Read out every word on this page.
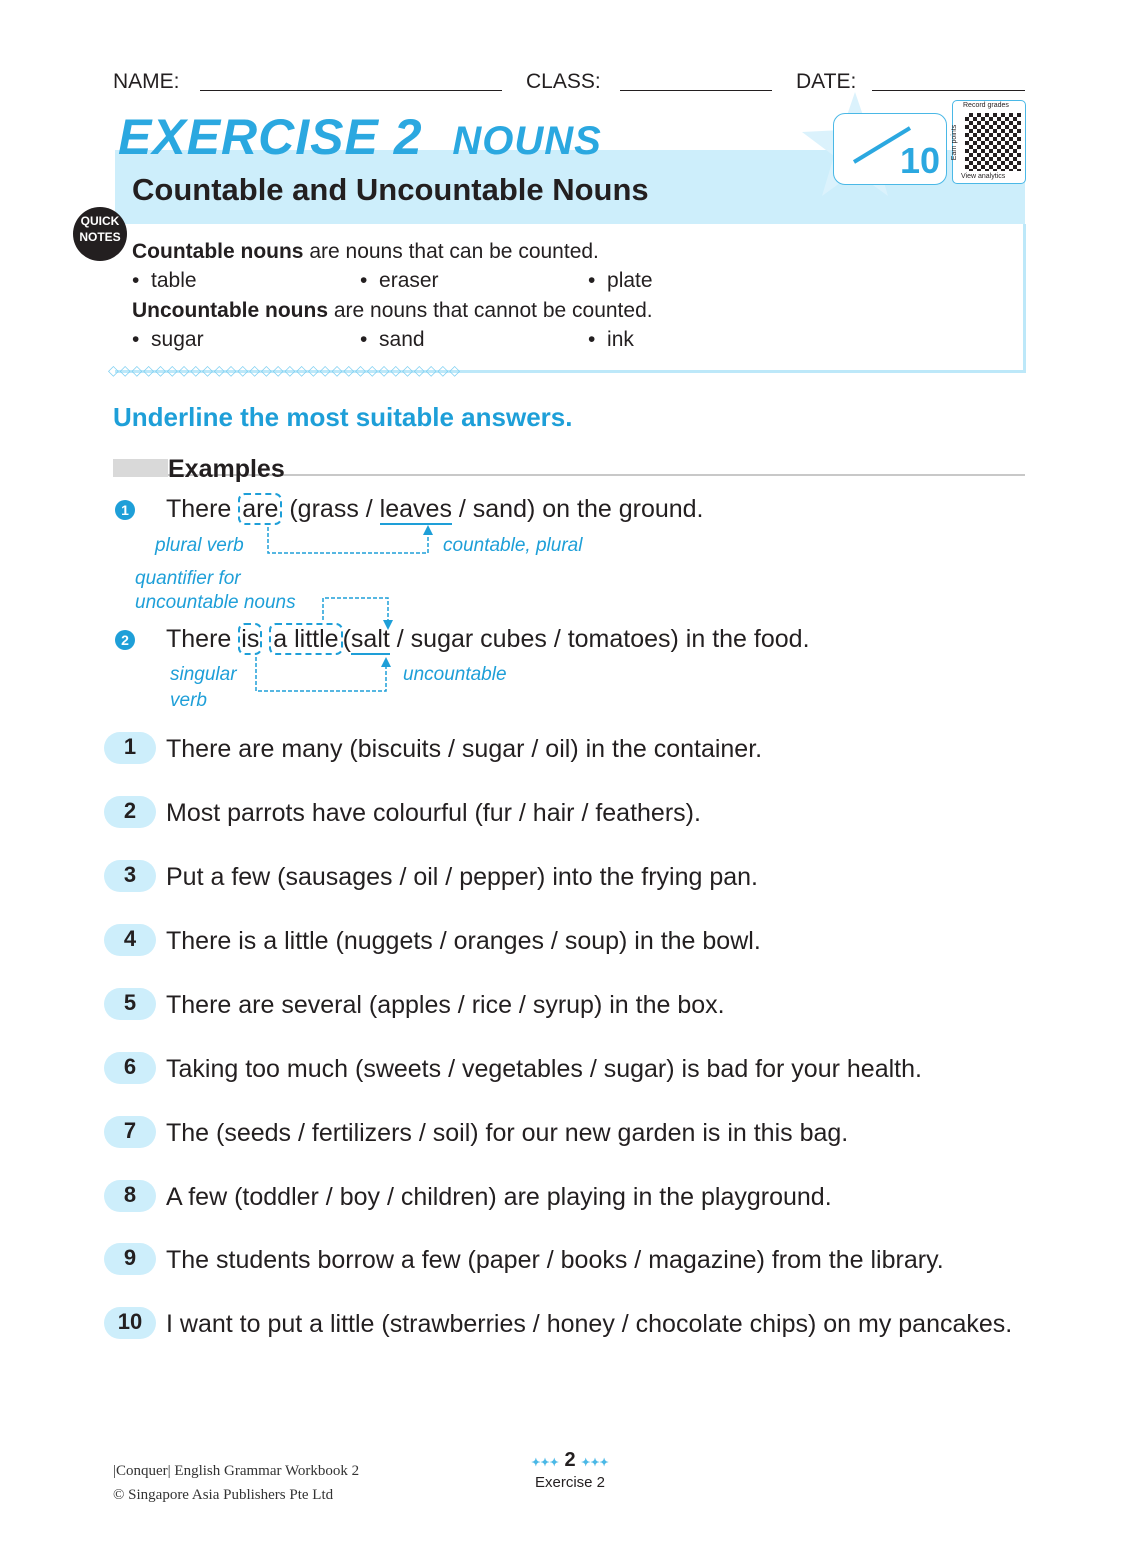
NAME:	CLASS:	DATE:
EXERCISE 2 NOUNS
Countable and Uncountable Nouns
10
Record grades
Earn points
View analytics
QUICK
NOTES
Countable nouns are nouns that can be counted.
•  table	•  eraser	•  plate
Uncountable nouns are nouns that cannot be counted.
•  sugar	•  sand	•  ink
◇◇◇◇◇◇◇◇◇◇◇◇◇◇◇◇◇◇◇◇◇◇◇◇◇◇◇◇◇◇
Underline the most suitable answers.
Examples
1 There are (grass / leaves / sand) on the ground.
plural verb	countable, plural
quantifier for
uncountable nouns
2 There is a little (salt / sugar cubes / tomatoes) in the food.
singular
verb
uncountable
1	There are many (biscuits / sugar / oil) in the container.
2	Most parrots have colourful (fur / hair / feathers).
3	Put a few (sausages / oil / pepper) into the frying pan.
4	There is a little (nuggets / oranges / soup) in the bowl.
5	There are several (apples / rice / syrup) in the box.
6	Taking too much (sweets / vegetables / sugar) is bad for your health.
7	The (seeds / fertilizers / soil) for our new garden is in this bag.
8	A few (toddler / boy / children) are playing in the playground.
9	The students borrow a few (paper / books / magazine) from the library.
10 I want to put a little (strawberries / honey / chocolate chips) on my pancakes.
|Conquer| English Grammar Workbook 2
© Singapore Asia Publishers Pte Ltd
✦✦✦ 2 ✦✦✦
Exercise 2
